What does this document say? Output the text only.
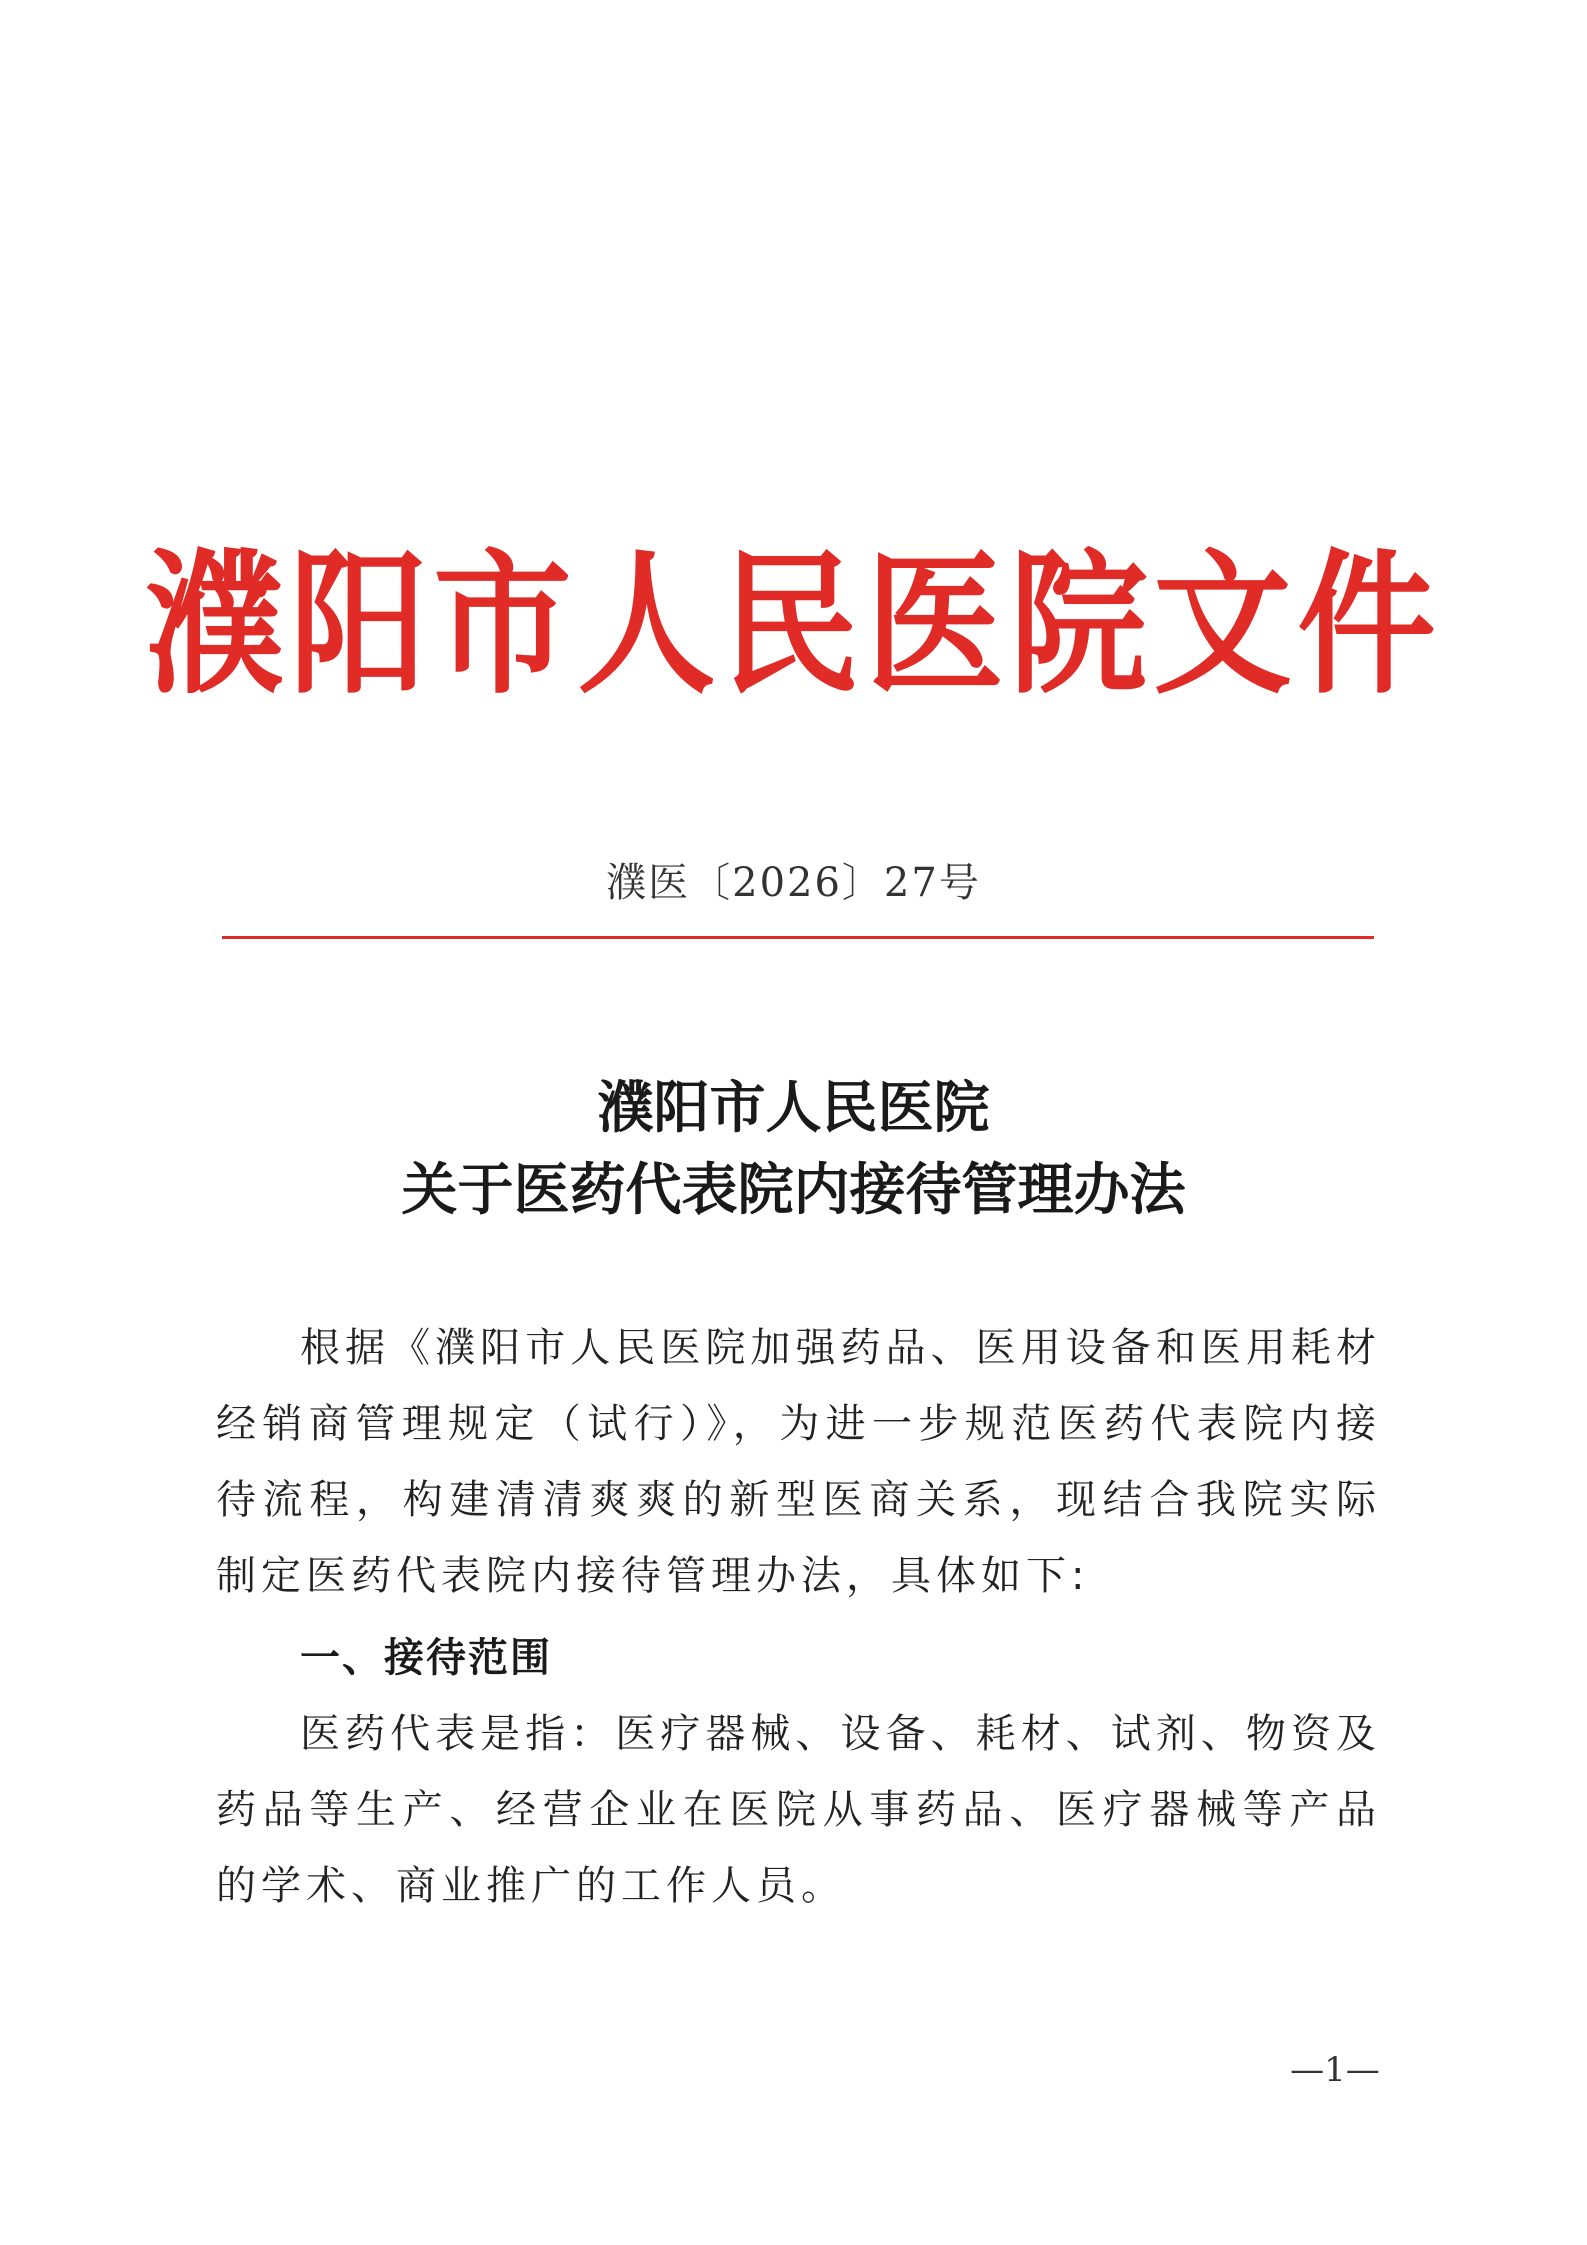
濮阳市人民医院文件
濮医〔2026〕27号
濮阳市人民医院
关于医药代表院内接待管理办法

根据《濮阳市人民医院加强药品、医用设备和医用耗材经销商管理规定（试行）》，为进一步规范医药代表院内接待流程，构建清清爽爽的新型医商关系，现结合我院实际制定医药代表院内接待管理办法，具体如下:

一、接待范围

医药代表是指：医疗器械、设备、耗材、试剂、物资及药品等生产、经营企业在医院从事药品、医疗器械等产品的学术、商业推广的工作人员。

—1—
